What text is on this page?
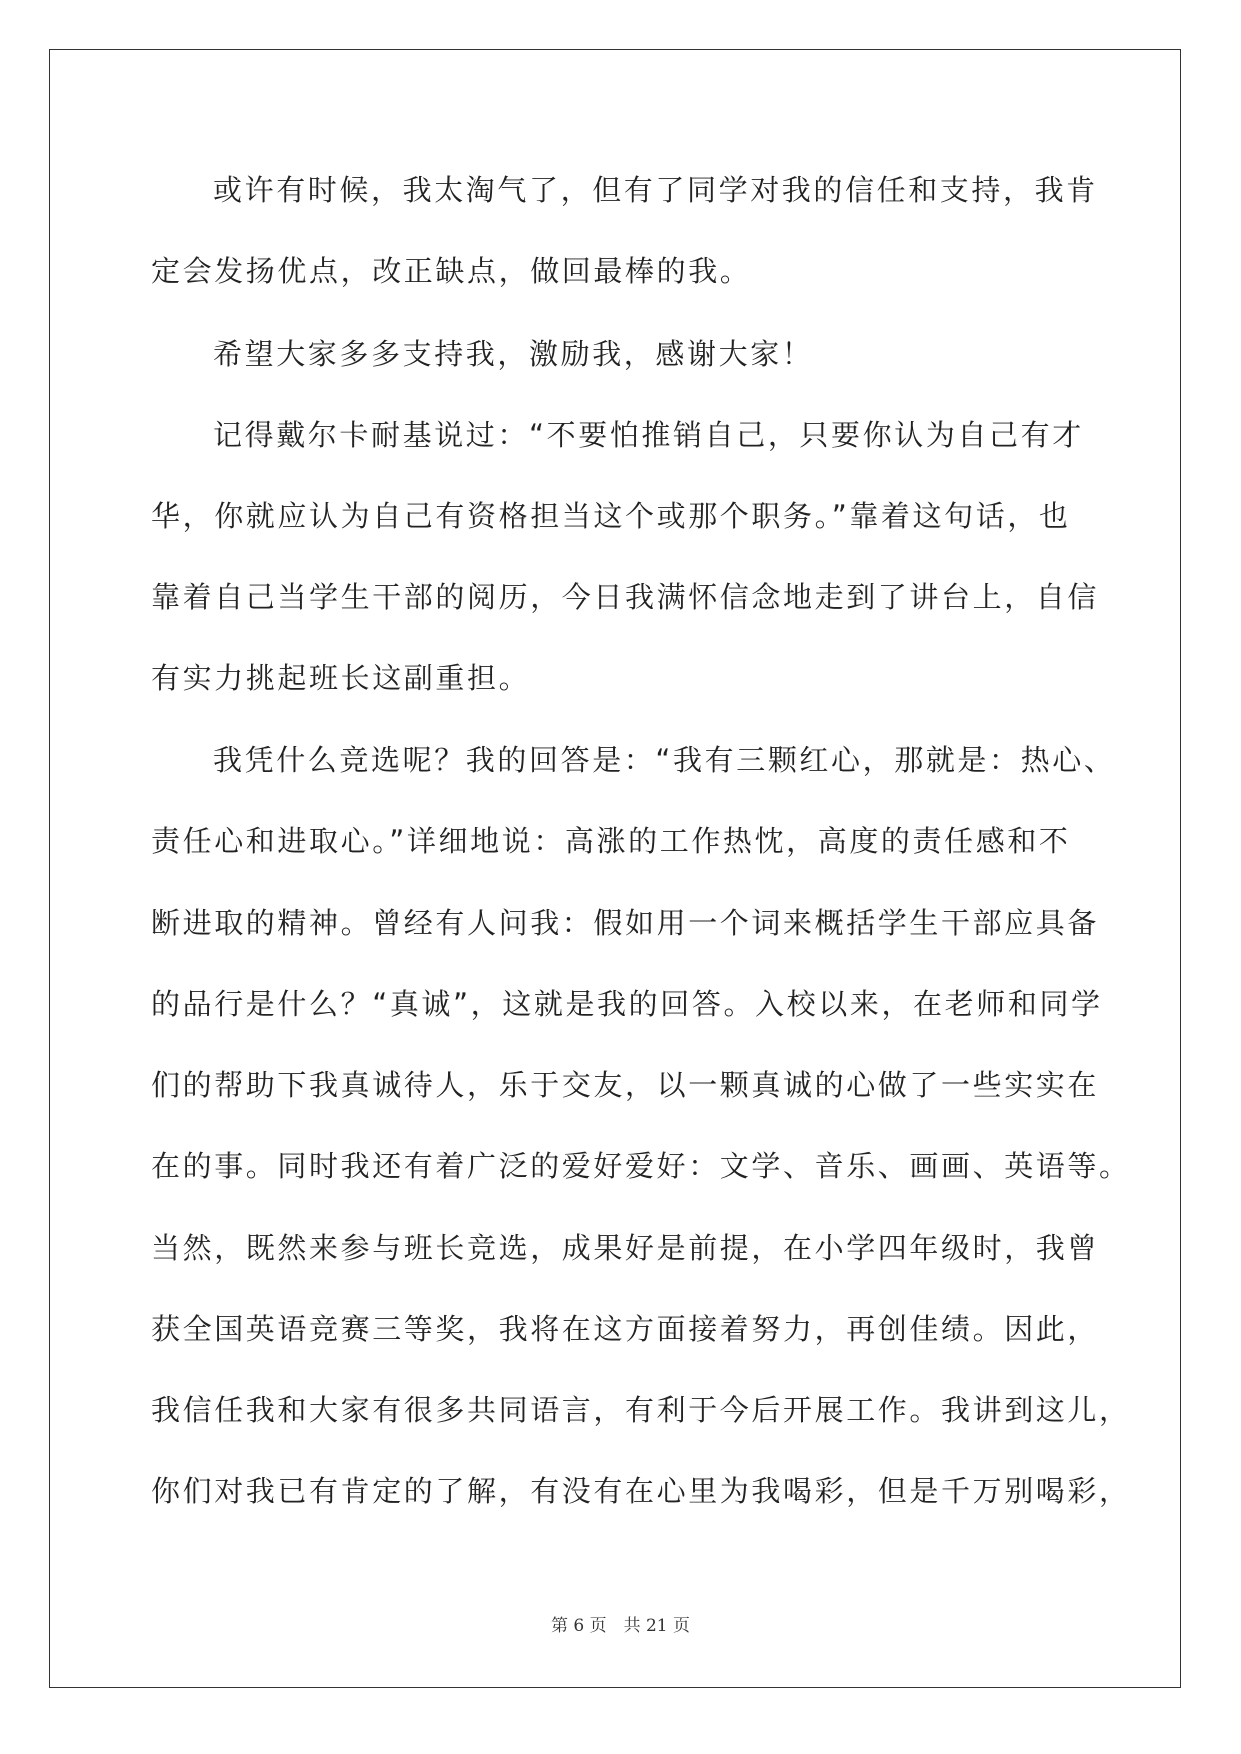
或许有时候，我太淘气了，但有了同学对我的信任和支持，我肯
定会发扬优点，改正缺点，做回最棒的我。
希望大家多多支持我，激励我，感谢大家！
记得戴尔卡耐基说过：“不要怕推销自己，只要你认为自己有才
华，你就应认为自己有资格担当这个或那个职务。”靠着这句话，也
靠着自己当学生干部的阅历，今日我满怀信念地走到了讲台上，自信
有实力挑起班长这副重担。
我凭什么竞选呢？我的回答是：“我有三颗红心，那就是：热心、
责任心和进取心。”详细地说：高涨的工作热忱，高度的责任感和不
断进取的精神。曾经有人问我：假如用一个词来概括学生干部应具备
的品行是什么？“真诚”，这就是我的回答。入校以来，在老师和同学
们的帮助下我真诚待人，乐于交友，以一颗真诚的心做了一些实实在
在的事。同时我还有着广泛的爱好爱好：文学、音乐、画画、英语等。
当然，既然来参与班长竞选，成果好是前提，在小学四年级时，我曾
获全国英语竞赛三等奖，我将在这方面接着努力，再创佳绩。因此，
我信任我和大家有很多共同语言，有利于今后开展工作。我讲到这儿，
你们对我已有肯定的了解，有没有在心里为我喝彩，但是千万别喝彩，
第 6 页　共 21 页
